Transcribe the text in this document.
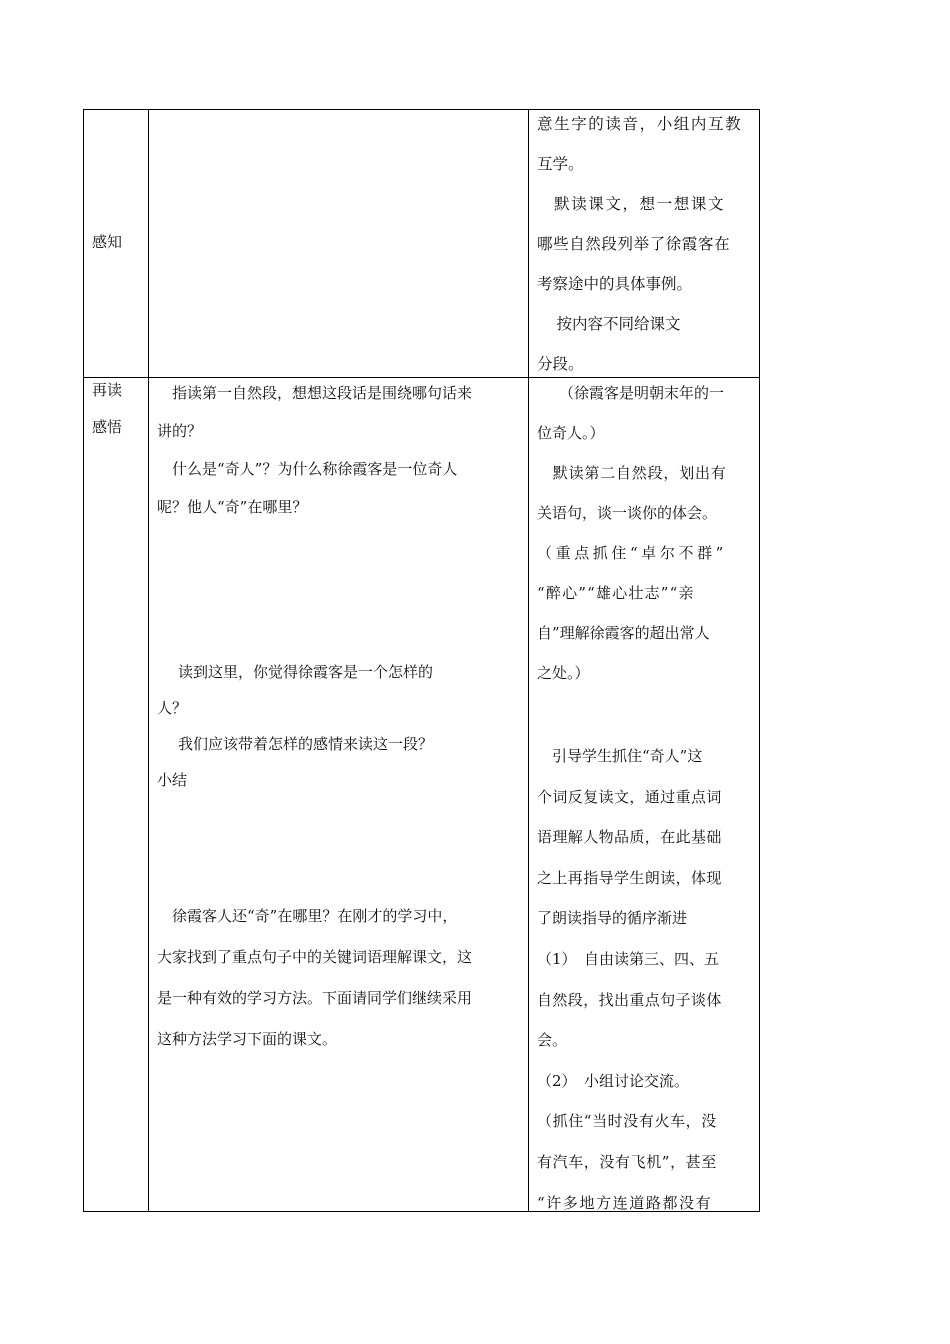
感知
意生字的读音，小组内互教
互学。
　默读课文，想一想课文
哪些自然段列举了徐霞客在
考察途中的具体事例。
　按内容不同给课文
分段。
再读
感悟
　指读第一自然段，想想这段话是围绕哪句话来
讲的？
　什么是“奇人”？为什么称徐霞客是一位奇人
呢？他人“奇”在哪里？
　读到这里，你觉得徐霞客是一个怎样的
人？
　我们应该带着怎样的感情来读这一段？
小结
　徐霞客人还“奇”在哪里？在刚才的学习中，
大家找到了重点句子中的关键词语理解课文，这
是一种有效的学习方法。下面请同学们继续采用
这种方法学习下面的课文。
（徐霞客是明朝末年的一
位奇人。）
　默读第二自然段，划出有
关语句，谈一谈你的体会。
（重点抓住“卓尔不群”
“醉心”“雄心壮志”“亲
自”理解徐霞客的超出常人
之处。）
　引导学生抓住“奇人”这
个词反复读文，通过重点词
语理解人物品质，在此基础
之上再指导学生朗读，体现
了朗读指导的循序渐进
（1）　自由读第三、四、五
自然段，找出重点句子谈体
会。
（2）　小组讨论交流。
（抓住“当时没有火车，没
有汽车，没有飞机”，甚至
“许多地方连道路都没有
